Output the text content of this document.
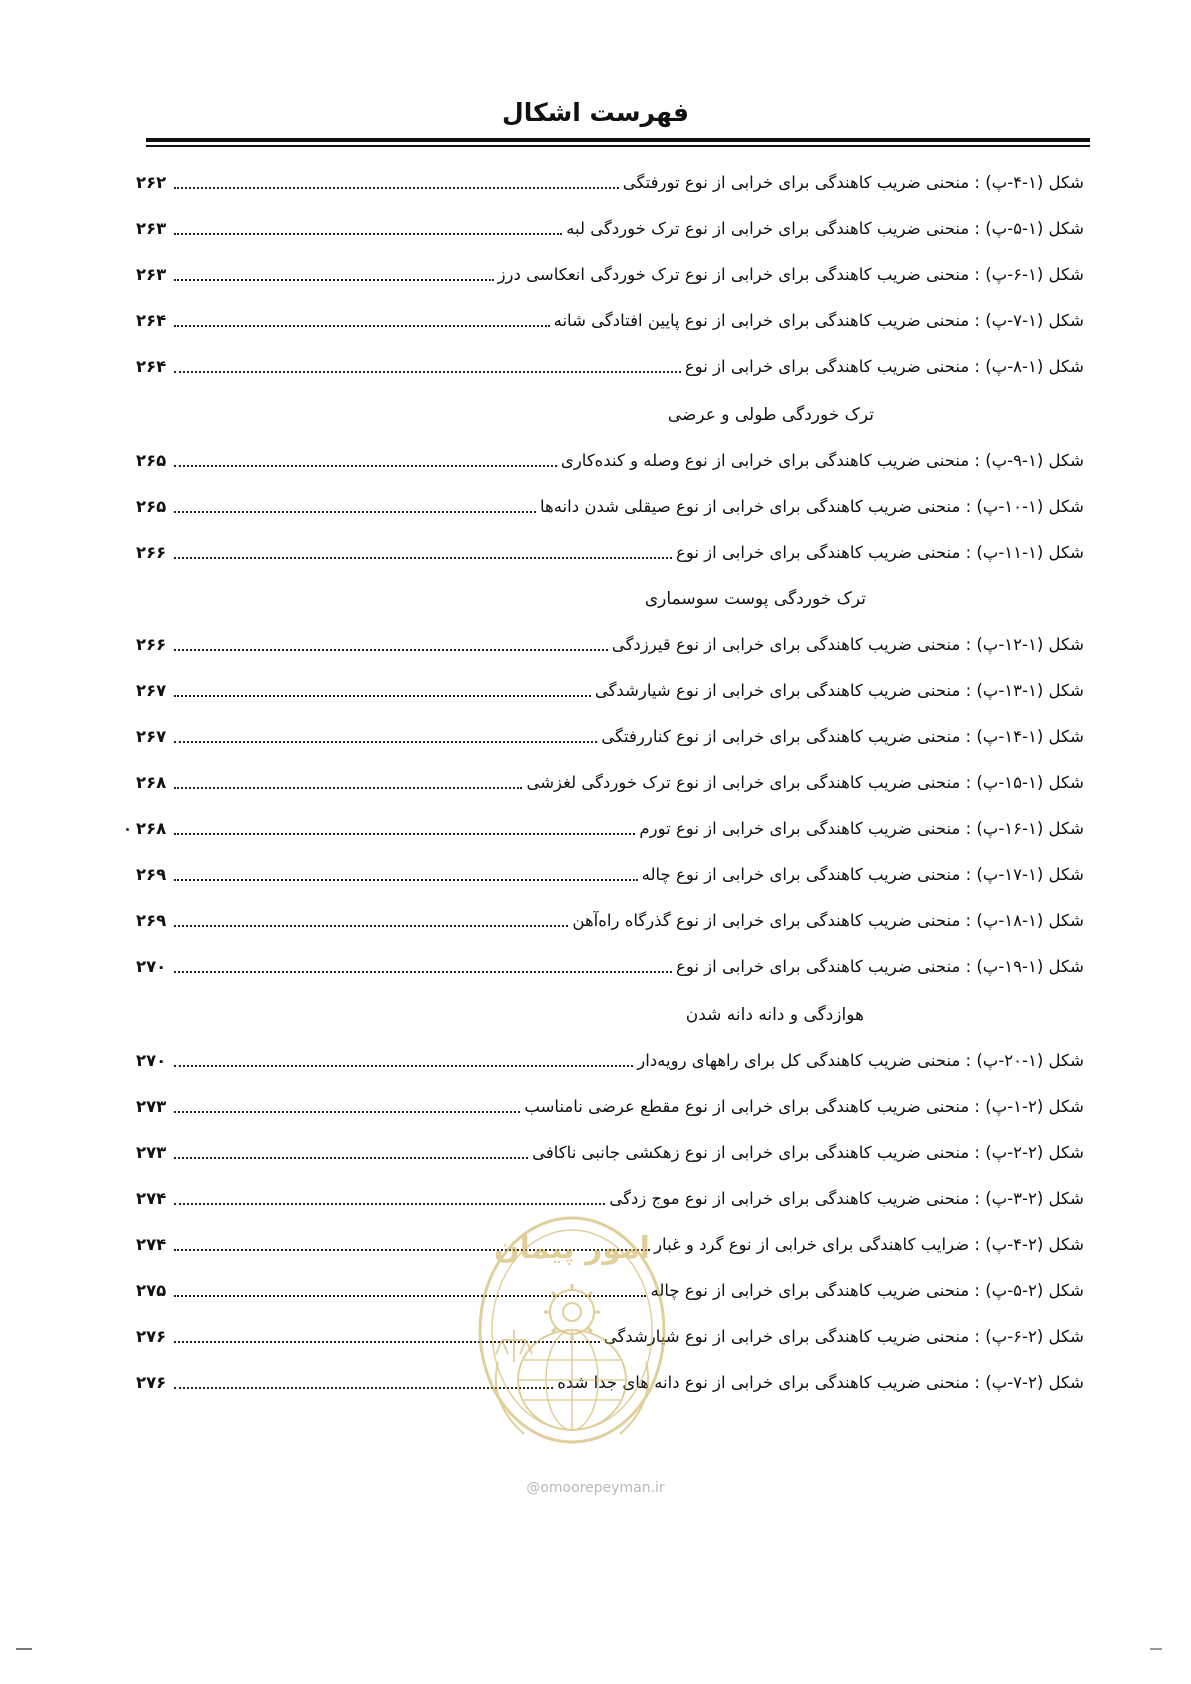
فهرست اشکال
شکل (۱-۴-پ) : منحنی ضریب کاهندگی برای خرابی از نوع تورفتگی
۲۶۲
شکل (۱-۵-پ) : منحنی ضریب کاهندگی برای خرابی از نوع ترک خوردگی لبه
۲۶۳
شکل (۱-۶-پ) : منحنی ضریب کاهندگی برای خرابی از نوع ترک خوردگی انعکاسی درز
۲۶۳
شکل (۱-۷-پ) : منحنی ضریب کاهندگی برای خرابی از نوع پایین افتادگی شانه
۲۶۴
شکل (۱-۸-پ) : منحنی ضریب کاهندگی برای خرابی از نوع
۲۶۴
ترک خوردگی طولی و عرضی
شکل (۱-۹-پ) : منحنی ضریب کاهندگی برای خرابی از نوع وصله و کنده‌کاری
۲۶۵
شکل (۱-۱۰-پ) : منحنی ضریب کاهندگی برای خرابی از نوع صیقلی شدن دانه‌ها
۲۶۵
شکل (۱-۱۱-پ) : منحنی ضریب کاهندگی برای خرابی از نوع
۲۶۶
ترک خوردگی پوست سوسماری
شکل (۱-۱۲-پ) : منحنی ضریب کاهندگی برای خرابی از نوع قیرزدگی
۲۶۶
شکل (۱-۱۳-پ) : منحنی ضریب کاهندگی برای خرابی از نوع شیارشدگی
۲۶۷
شکل (۱-۱۴-پ) : منحنی ضریب کاهندگی برای خرابی از نوع کناررفتگی
۲۶۷
شکل (۱-۱۵-پ) : منحنی ضریب کاهندگی برای خرابی از نوع ترک خوردگی لغزشی
۲۶۸
شکل (۱-۱۶-پ) : منحنی ضریب کاهندگی برای خرابی از نوع تورم
۲۶۸
شکل (۱-۱۷-پ) : منحنی ضریب کاهندگی برای خرابی از نوع چاله
۲۶۹
شکل (۱-۱۸-پ) : منحنی ضریب کاهندگی برای خرابی از نوع گذرگاه راه‌آهن
۲۶۹
شکل (۱-۱۹-پ) : منحنی ضریب کاهندگی برای خرابی از نوع
۲۷۰
هوازدگی و دانه دانه شدن
شکل (۱-۲۰-پ) : منحنی ضریب کاهندگی کل برای راههای رویه‌دار
۲۷۰
شکل (۲-۱-پ) : منحنی ضریب کاهندگی برای خرابی از نوع مقطع عرضی نامناسب
۲۷۳
شکل (۲-۲-پ) : منحنی ضریب کاهندگی برای خرابی از نوع زهکشی جانبی ناکافی
۲۷۳
شکل (۲-۳-پ) : منحنی ضریب کاهندگی برای خرابی از نوع موج زدگی
۲۷۴
شکل (۲-۴-پ) : ضرایب کاهندگی برای خرابی از نوع گرد و غبار
۲۷۴
شکل (۲-۵-پ) : منحنی ضریب کاهندگی برای خرابی از نوع چاله
۲۷۵
شکل (۲-۶-پ) : منحنی ضریب کاهندگی برای خرابی از نوع شیارشدگی
۲۷۶
شکل (۲-۷-پ) : منحنی ضریب کاهندگی برای خرابی از نوع دانه های جدا شده
۲۷۶
امور پیمان
@omoorepeyman.ir
